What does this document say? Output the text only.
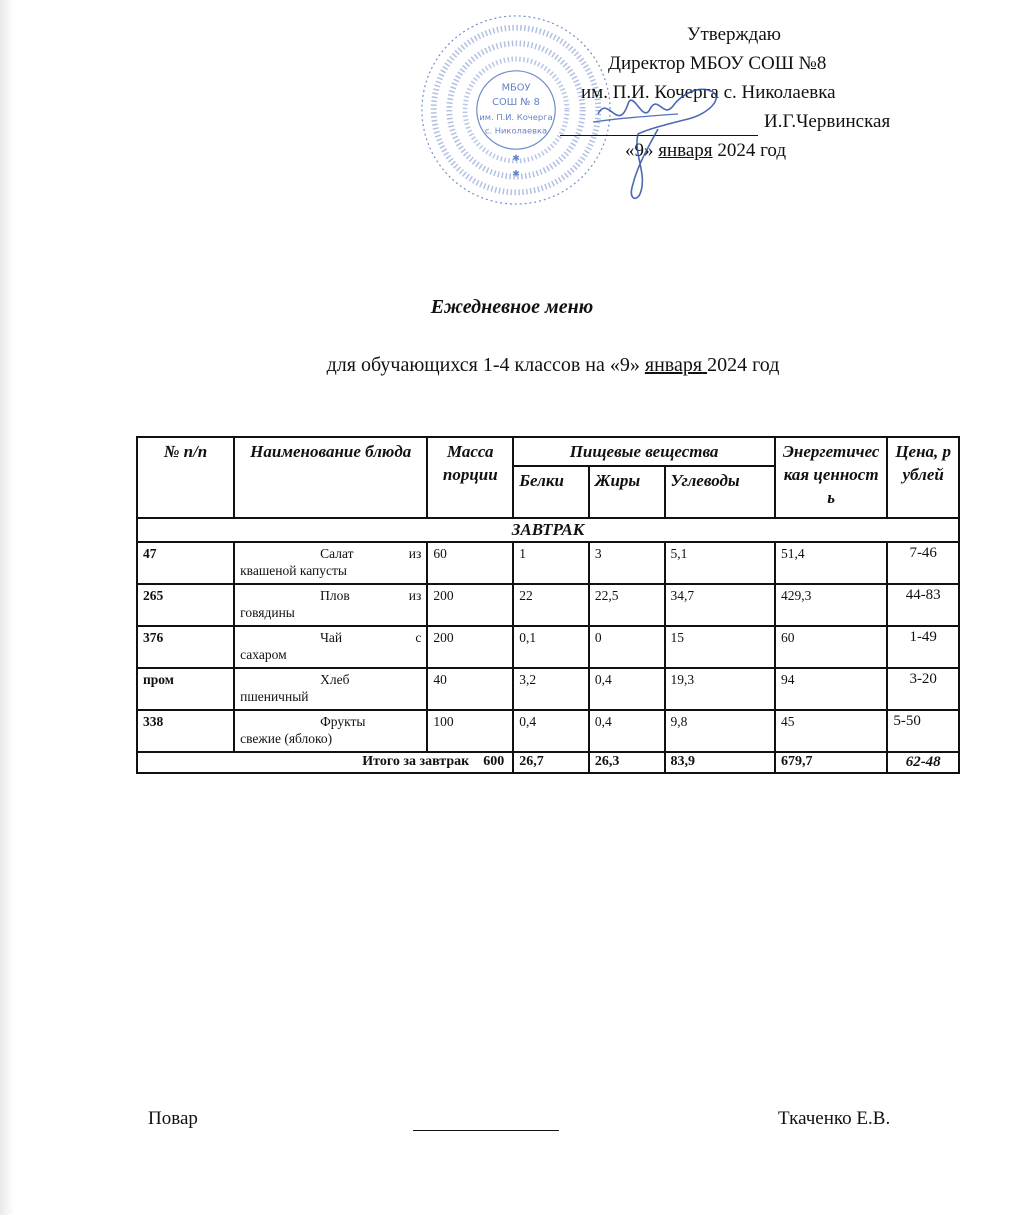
МБОУ
СОШ № 8
им. П.И. Кочерга
с. Николаевка
✱
✱
Утверждаю
Директор МБОУ СОШ №8
им. П.И. Кочерга с. Николаевка
И.Г.Червинская
«9» января 2024 год
Ежедневное меню
для обучающихся 1-4 классов на «9» января 2024 год
№ п/п	Наименование блюда	Масса порции	Пищевые вещества			Энергетическая ценность	Цена, рублей
			Белки	Жиры	Углеводы		
ЗАВТРАК							
47	Салат из
квашеной капусты	60	1	3	5,1	51,4	7-46
265	Плов из
говядины	200	22	22,5	34,7	429,3	44-83
376	Чай с
сахаром	200	0,1	0	15	60	1-49
пром	Хлеб
пшеничный	40	3,2	0,4	19,3	94	3-20
338	Фрукты
свежие (яблоко)	100	0,4	0,4	9,8	45	5-50
Итого за завтрак 600			26,7	26,3	83,9	679,7	62-48
Повар	Ткаченко Е.В.
